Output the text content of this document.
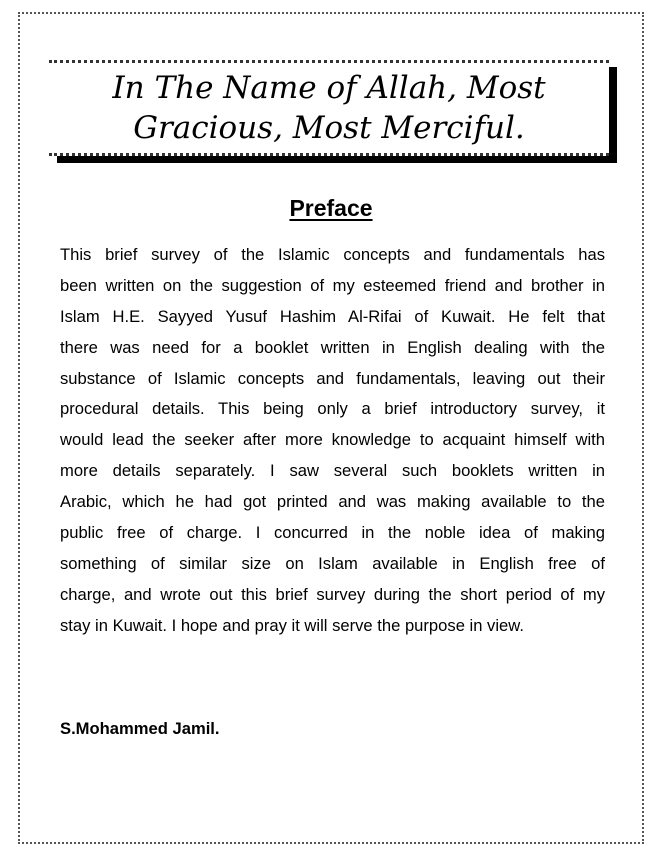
In The Name of Allah, Most
Gracious, Most Merciful.
Preface
This brief survey of the Islamic concepts and fundamentals has
been written on the suggestion of my esteemed friend and brother in
Islam H.E. Sayyed Yusuf Hashim Al-Rifai of Kuwait. He felt that
there was need for a booklet written in English dealing with the
substance of Islamic concepts and fundamentals, leaving out their
procedural details. This being only a brief introductory survey, it
would lead the seeker after more knowledge to acquaint himself with
more details separately. I saw several such booklets written in
Arabic, which he had got printed and was making available to the
public free of charge. I concurred in the noble idea of making
something of similar size on Islam available in English free of
charge, and wrote out this brief survey during the short period of my
stay in Kuwait. I hope and pray it will serve the purpose in view.
S.Mohammed Jamil.
